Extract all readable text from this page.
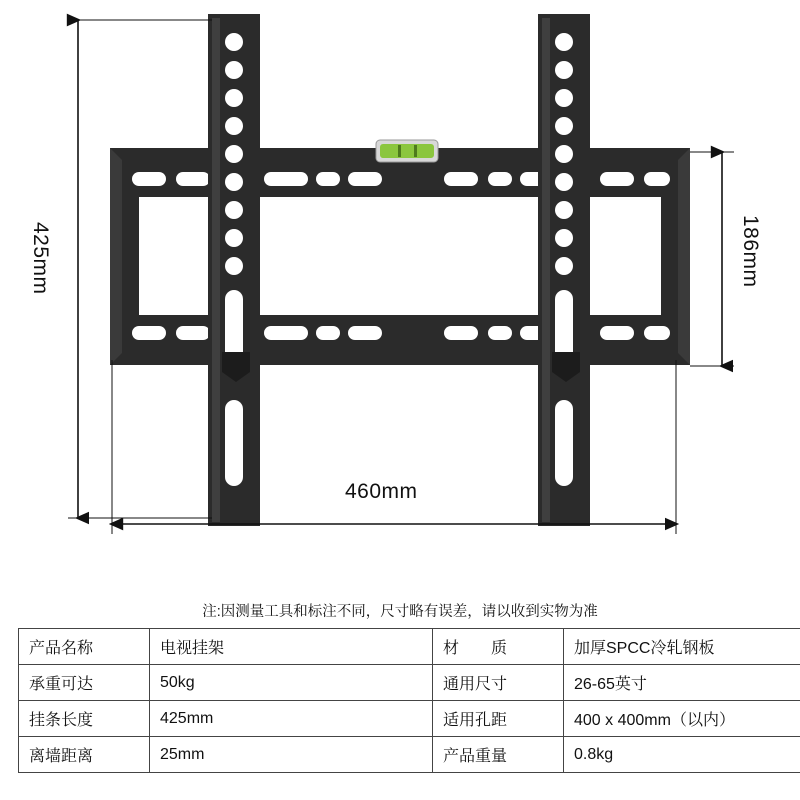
425mm	186mm
460mm
注:因测量工具和标注不同，尺寸略有误差，请以收到实物为准
产品名称	电视挂架	材　　质	加厚SPCC冷轧钢板
承重可达	50kg	通用尺寸	26-65英寸
挂条长度	425mm	适用孔距	400 x 400mm（以内）
离墙距离	25mm	产品重量	0.8kg
